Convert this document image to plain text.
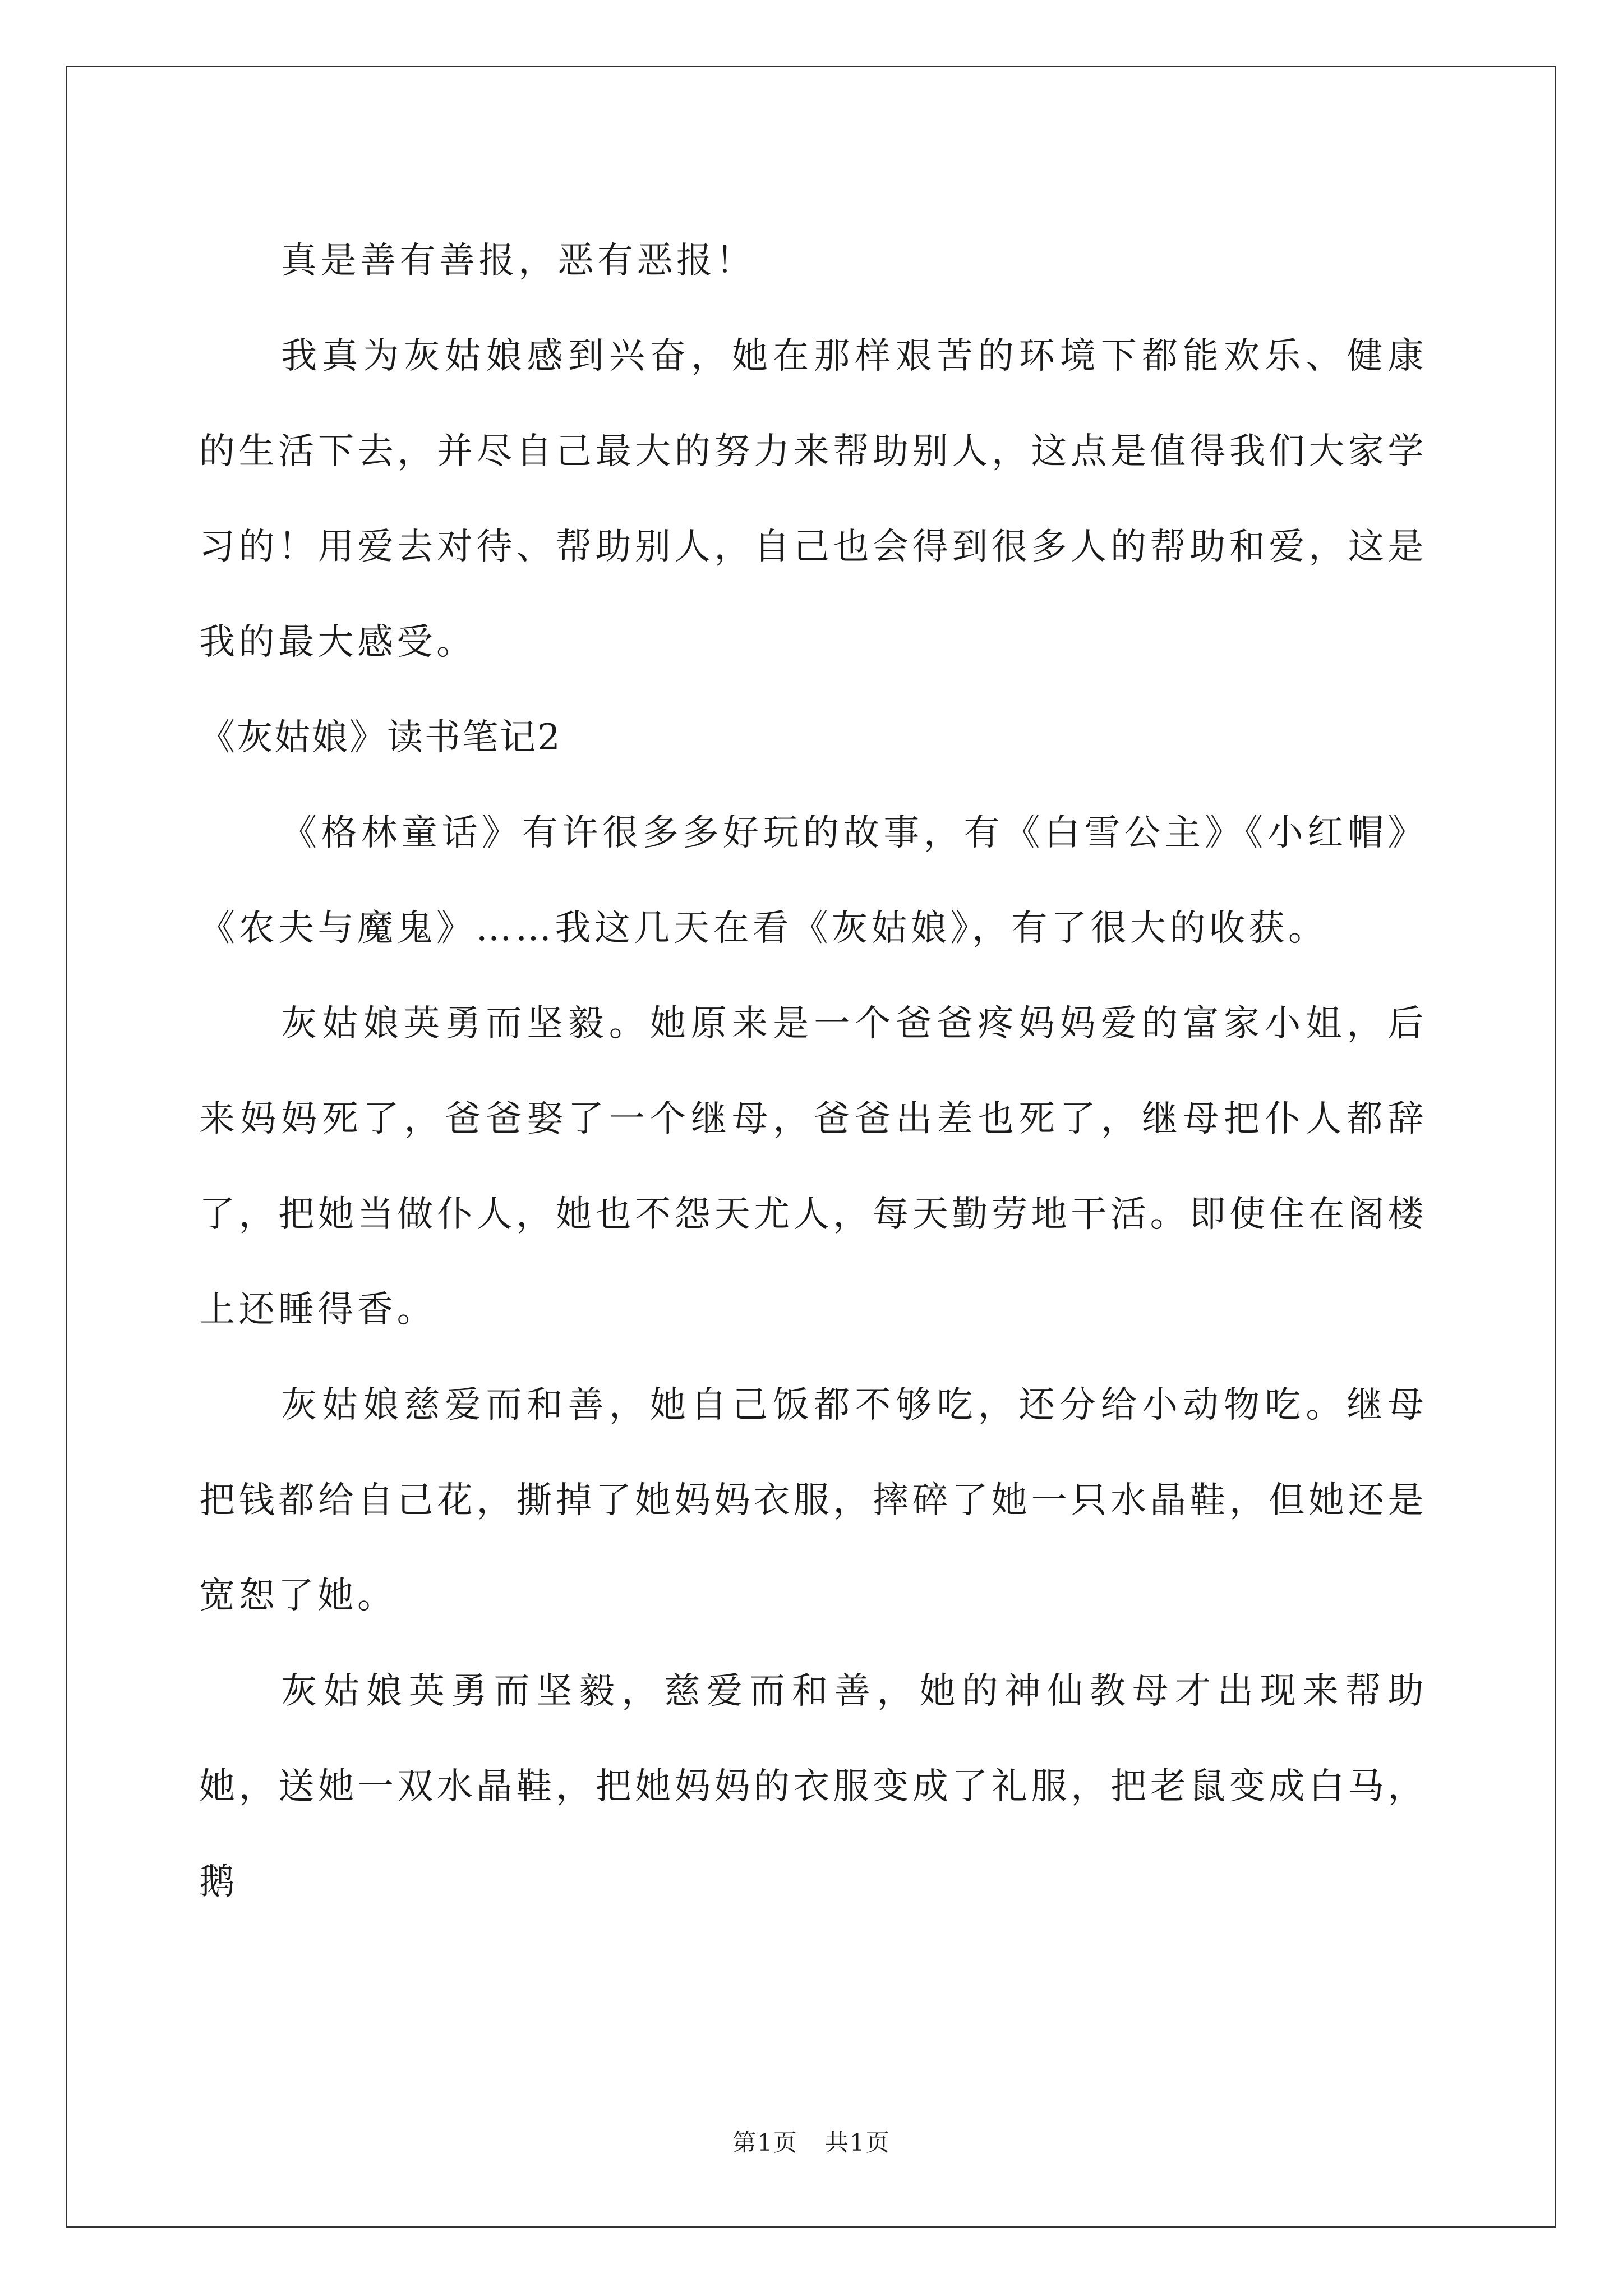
真是善有善报，恶有恶报！

我真为灰姑娘感到兴奋，她在那样艰苦的环境下都能欢乐、健康的生活下去，并尽自己最大的努力来帮助别人，这点是值得我们大家学习的！用爱去对待、帮助别人，自己也会得到很多人的帮助和爱，这是我的最大感受。

《灰姑娘》读书笔记2

《格林童话》有许很多多好玩的故事，有《白雪公主》《小红帽》《农夫与魔鬼》……我这几天在看《灰姑娘》，有了很大的收获。

灰姑娘英勇而坚毅。她原来是一个爸爸疼妈妈爱的富家小姐，后来妈妈死了，爸爸娶了一个继母，爸爸出差也死了，继母把仆人都辞了，把她当做仆人，她也不怨天尤人，每天勤劳地干活。即使住在阁楼上还睡得香。

灰姑娘慈爱而和善，她自己饭都不够吃，还分给小动物吃。继母把钱都给自己花，撕掉了她妈妈衣服，摔碎了她一只水晶鞋，但她还是宽恕了她。

灰姑娘英勇而坚毅，慈爱而和善，她的神仙教母才出现来帮助她，送她一双水晶鞋，把她妈妈的衣服变成了礼服，把老鼠变成白马，鹅

第1页 共1页
